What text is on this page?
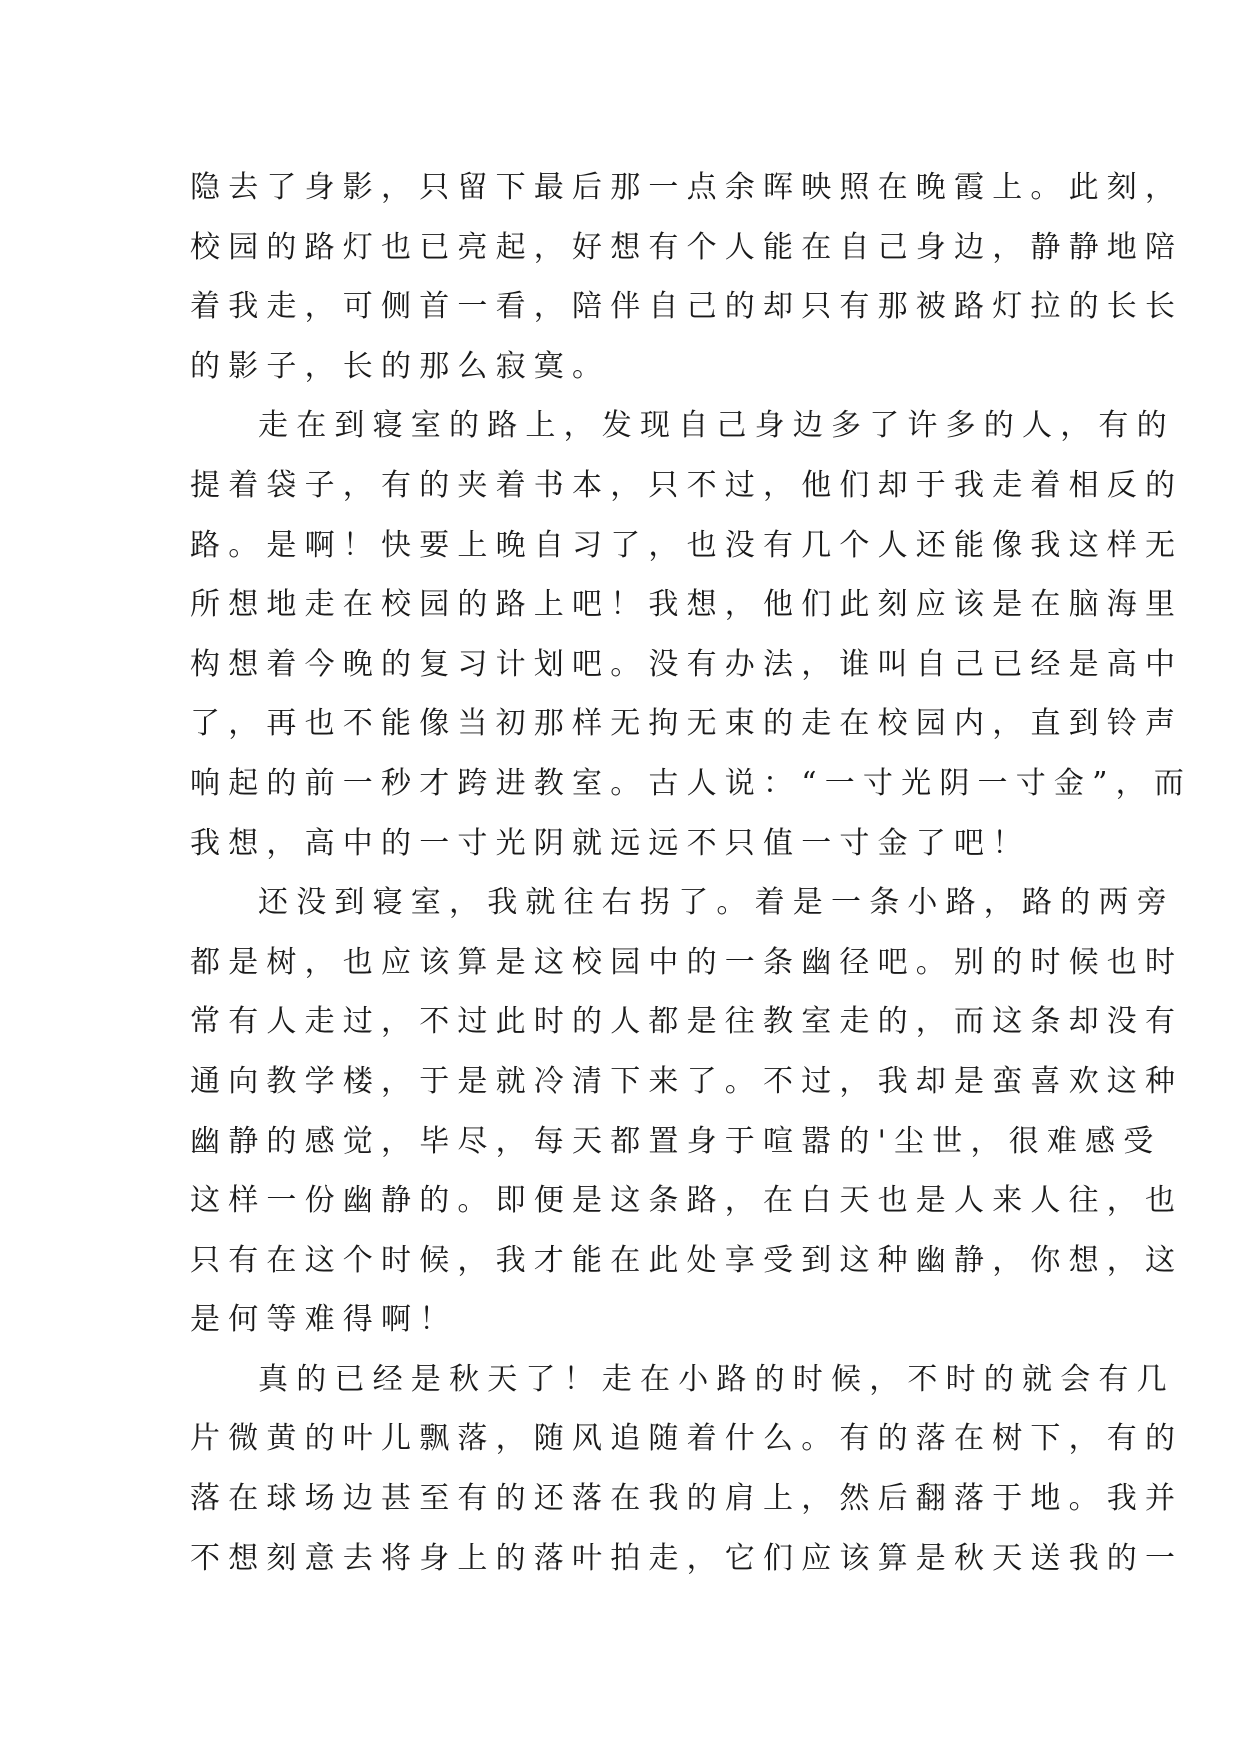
隐去了身影，只留下最后那一点余晖映照在晚霞上。此刻，
校园的路灯也已亮起，好想有个人能在自己身边，静静地陪
着我走，可侧首一看，陪伴自己的却只有那被路灯拉的长长
的影子，长的那么寂寞。
走在到寝室的路上，发现自己身边多了许多的人，有的
提着袋子，有的夹着书本，只不过，他们却于我走着相反的
路。是啊！快要上晚自习了，也没有几个人还能像我这样无
所想地走在校园的路上吧！我想，他们此刻应该是在脑海里
构想着今晚的复习计划吧。没有办法，谁叫自己已经是高中
了，再也不能像当初那样无拘无束的走在校园内，直到铃声
响起的前一秒才跨进教室。古人说：“一寸光阴一寸金”，而
我想，高中的一寸光阴就远远不只值一寸金了吧！
还没到寝室，我就往右拐了。着是一条小路，路的两旁
都是树，也应该算是这校园中的一条幽径吧。别的时候也时
常有人走过，不过此时的人都是往教室走的，而这条却没有
通向教学楼，于是就冷清下来了。不过，我却是蛮喜欢这种
幽静的感觉，毕尽，每天都置身于喧嚣的'尘世，很难感受
这样一份幽静的。即便是这条路，在白天也是人来人往，也
只有在这个时候，我才能在此处享受到这种幽静，你想，这
是何等难得啊！
真的已经是秋天了！走在小路的时候，不时的就会有几
片微黄的叶儿飘落，随风追随着什么。有的落在树下，有的
落在球场边甚至有的还落在我的肩上，然后翻落于地。我并
不想刻意去将身上的落叶拍走，它们应该算是秋天送我的一
